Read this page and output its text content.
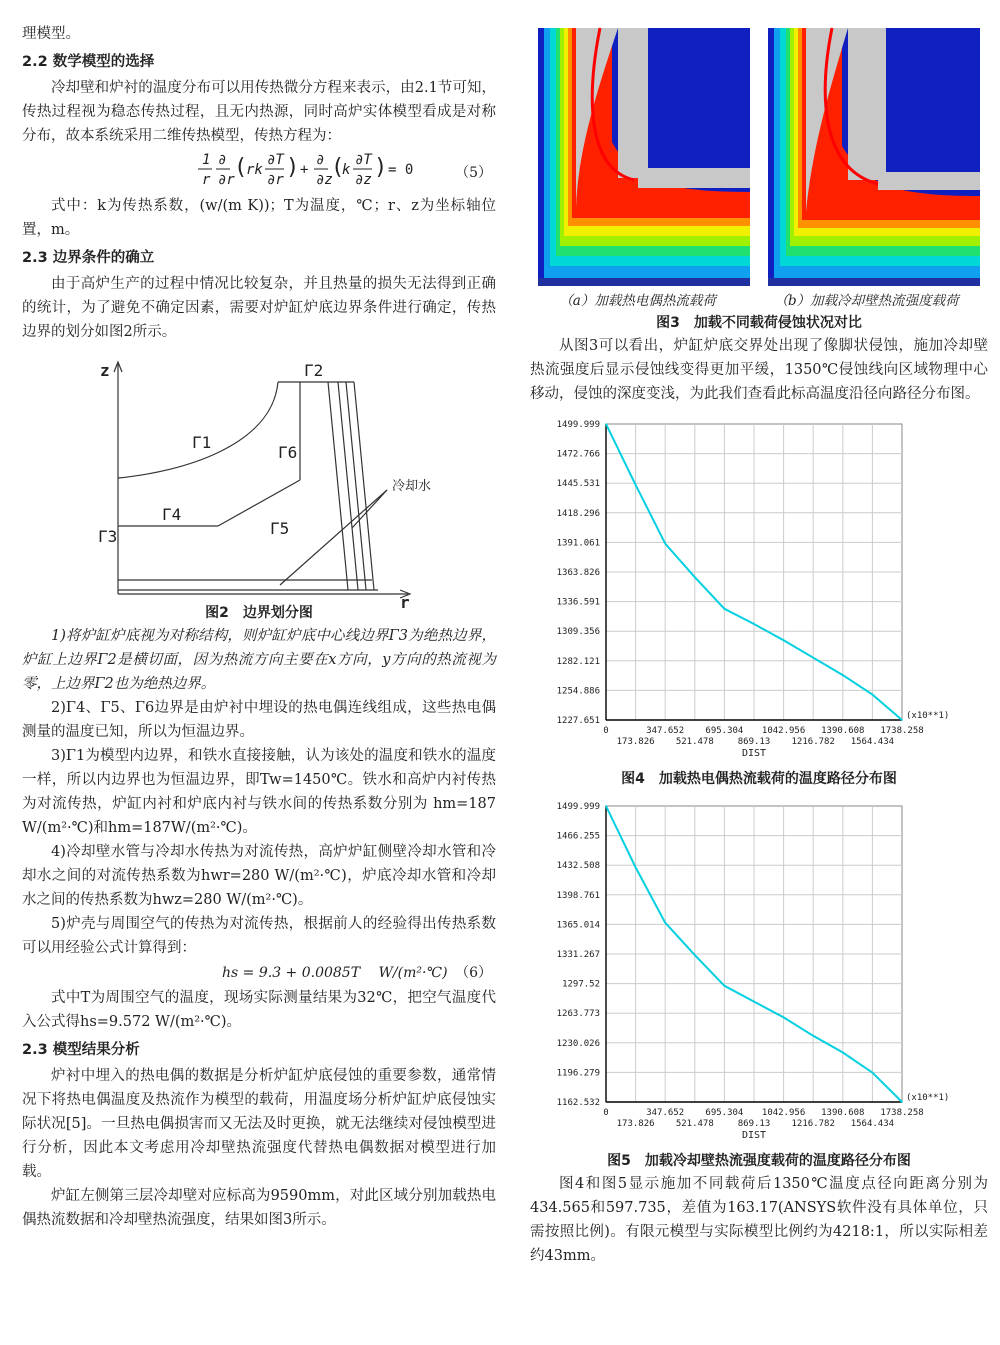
理模型。

2.2 数学模型的选择

冷却壁和炉衬的温度分布可以用传热微分方程来表示，由2.1节可知，传热过程视为稳态传热过程，且无内热源，同时高炉实体模型看成是对称分布，故本系统采用二维传热模型，传热方程为：

1
r
∂
∂r (
rk
∂T
∂r ) +
∂
∂z
(
k
∂T
∂z ) = 0	（5）

式中：k为传热系数，(w/(m K))；T为温度，℃；r、z为坐标轴位置，m。

2.3 边界条件的确立

由于高炉生产的过程中情况比较复杂，并且热量的损失无法得到正确的统计，为了避免不确定因素，需要对炉缸炉底边界条件进行确定，传热边界的划分如图2所示。

z
r
Γ1
Γ2
Γ3
Γ4
Γ5
Γ6
冷却水
图2　边界划分图

1)将炉缸炉底视为对称结构，则炉缸炉底中心线边界Γ3为绝热边界，炉缸上边界Γ2是横切面，因为热流方向主要在x方向，y方向的热流视为零，上边界Γ2也为绝热边界。

2)Γ4、Γ5、Γ6边界是由炉衬中埋设的热电偶连线组成，这些热电偶测量的温度已知，所以为恒温边界。

3)Γ1为模型内边界，和铁水直接接触，认为该处的温度和铁水的温度一样，所以内边界也为恒温边界，即Tw=1450℃。铁水和高炉内衬传热为对流传热，炉缸内衬和炉底内衬与铁水间的传热系数分别为 hm=187 W/(m²·℃)和hm=187W/(m²·℃)。

4)冷却壁水管与冷却水传热为对流传热，高炉炉缸侧壁冷却水管和冷却水之间的对流传热系数为hwr=280 W/(m²·℃)，炉底冷却水管和冷却水之间的传热系数为hwz=280 W/(m²·℃)。

5)炉壳与周围空气的传热为对流传热，根据前人的经验得出传热系数可以用经验公式计算得到：

hs = 9.3 + 0.0085T　 W/(m²·℃) （6）

式中T为周围空气的温度，现场实际测量结果为32℃，把空气温度代入公式得hs=9.572 W/(m²·℃)。

2.3 模型结果分析

炉衬中埋入的热电偶的数据是分析炉缸炉底侵蚀的重要参数，通常情况下将热电偶温度及热流作为模型的载荷，用温度场分析炉缸炉底侵蚀实际状况[5]。一旦热电偶损害而又无法及时更换，就无法继续对侵蚀模型进行分析，因此本文考虑用冷却壁热流强度代替热电偶数据对模型进行加载。

炉缸左侧第三层冷却壁对应标高为9590mm，对此区域分别加载热电偶热流数据和冷却壁热流强度，结果如图3所示。

（a）加载热电偶热流载荷	（b）加载冷却壁热流强度载荷
图3　加载不同载荷侵蚀状况对比

从图3可以看出，炉缸炉底交界处出现了像脚状侵蚀，施加冷却壁热流强度后显示侵蚀线变得更加平缓，1350℃侵蚀线向区域物理中心移动，侵蚀的深度变浅，为此我们查看此标高温度沿径向路径分布图。

1499.999
1472.766
1445.531
1418.296
1391.061
1363.826
1336.591
1309.356
1282.121
1254.886
1227.651
0	347.652 695.304 1042.956 1390.608 1738.258
173.826 521.478	869.13 1216.782 1564.434
(x10**1)
DIST
图4　加载热电偶热流载荷的温度路径分布图
1499.999
1466.255
1432.508
1398.761
1365.014
1331.267
1297.52
1263.773
1230.026
1196.279
1162.532
0	347.652 695.304 1042.956 1390.608 1738.258
173.826 521.478	869.13 1216.782 1564.434
(x10**1)
DIST
图5　加载冷却壁热流强度载荷的温度路径分布图

图4和图5显示施加不同载荷后1350℃温度点径向距离分别为434.565和597.735，差值为163.17(ANSYS软件没有具体单位，只需按照比例)。有限元模型与实际模型比例约为4218:1，所以实际相差约43mm。
